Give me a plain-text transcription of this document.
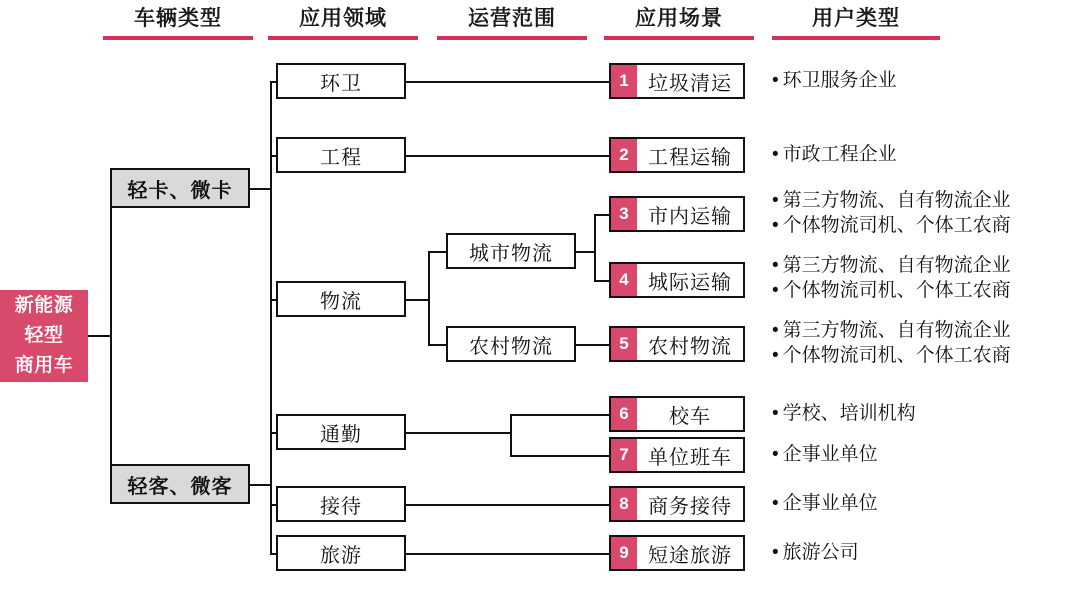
车辆类型	应用领域	运营范围	应用场景	用户类型
新能源
轻型
商用车
轻卡、微卡
轻客、微客
环卫
工程
物流
通勤
接待
旅游
城市物流
农村物流
1 垃圾清运
2 工程运输
3 市内运输
4 城际运输
5 农村物流
6	校车
7 单位班车
8 商务接待
9 短途旅游
• 环卫服务企业
• 市政工程企业
• 第三方物流、自有物流企业
• 个体物流司机、个体工农商
• 第三方物流、自有物流企业
• 个体物流司机、个体工农商
• 第三方物流、自有物流企业
• 个体物流司机、个体工农商
• 学校、培训机构
• 企事业单位
• 企事业单位
• 旅游公司
